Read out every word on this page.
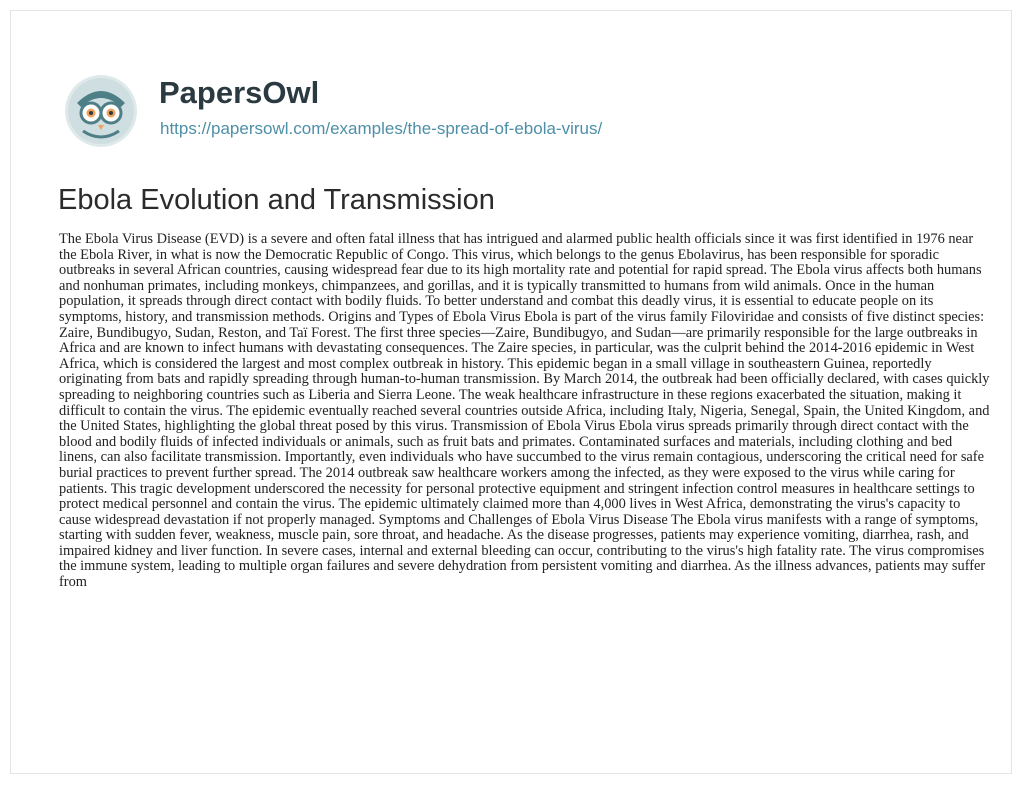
PapersOwl
https://papersowl.com/examples/the-spread-of-ebola-virus/
Ebola Evolution and Transmission

The Ebola Virus Disease (EVD) is a severe and often fatal illness that has intrigued and alarmed public health officials since it was first identified in 1976 near the Ebola River, in what is now the Democratic Republic of Congo. This virus, which belongs to the genus Ebolavirus, has been responsible for sporadic outbreaks in several African countries, causing widespread fear due to its high mortality rate and potential for rapid spread. The Ebola virus affects both humans and nonhuman primates, including monkeys, chimpanzees, and gorillas, and it is typically transmitted to humans from wild animals. Once in the human population, it spreads through direct contact with bodily fluids. To better understand and combat this deadly virus, it is essential to educate people on its symptoms, history, and transmission methods. Origins and Types of Ebola Virus Ebola is part of the virus family Filoviridae and consists of five distinct species: Zaire, Bundibugyo, Sudan, Reston, and Taï Forest. The first three species—Zaire, Bundibugyo, and Sudan—are primarily responsible for the large outbreaks in Africa and are known to infect humans with devastating consequences. The Zaire species, in particular, was the culprit behind the 2014-2016 epidemic in West Africa, which is considered the largest and most complex outbreak in history. This epidemic began in a small village in southeastern Guinea, reportedly originating from bats and rapidly spreading through human-to-human transmission. By March 2014, the outbreak had been officially declared, with cases quickly spreading to neighboring countries such as Liberia and Sierra Leone. The weak healthcare infrastructure in these regions exacerbated the situation, making it difficult to contain the virus. The epidemic eventually reached several countries outside Africa, including Italy, Nigeria, Senegal, Spain, the United Kingdom, and the United States, highlighting the global threat posed by this virus. Transmission of Ebola Virus Ebola virus spreads primarily through direct contact with the blood and bodily fluids of infected individuals or animals, such as fruit bats and primates. Contaminated surfaces and materials, including clothing and bed linens, can also facilitate transmission. Importantly, even individuals who have succumbed to the virus remain contagious, underscoring the critical need for safe burial practices to prevent further spread. The 2014 outbreak saw healthcare workers among the infected, as they were exposed to the virus while caring for patients. This tragic development underscored the necessity for personal protective equipment and stringent infection control measures in healthcare settings to protect medical personnel and contain the virus. The epidemic ultimately claimed more than 4,000 lives in West Africa, demonstrating the virus's capacity to cause widespread devastation if not properly managed. Symptoms and Challenges of Ebola Virus Disease The Ebola virus manifests with a range of symptoms, starting with sudden fever, weakness, muscle pain, sore throat, and headache. As the disease progresses, patients may experience vomiting, diarrhea, rash, and impaired kidney and liver function. In severe cases, internal and external bleeding can occur, contributing to the virus's high fatality rate. The virus compromises the immune system, leading to multiple organ failures and severe dehydration from persistent vomiting and diarrhea. As the illness advances, patients may suffer from
